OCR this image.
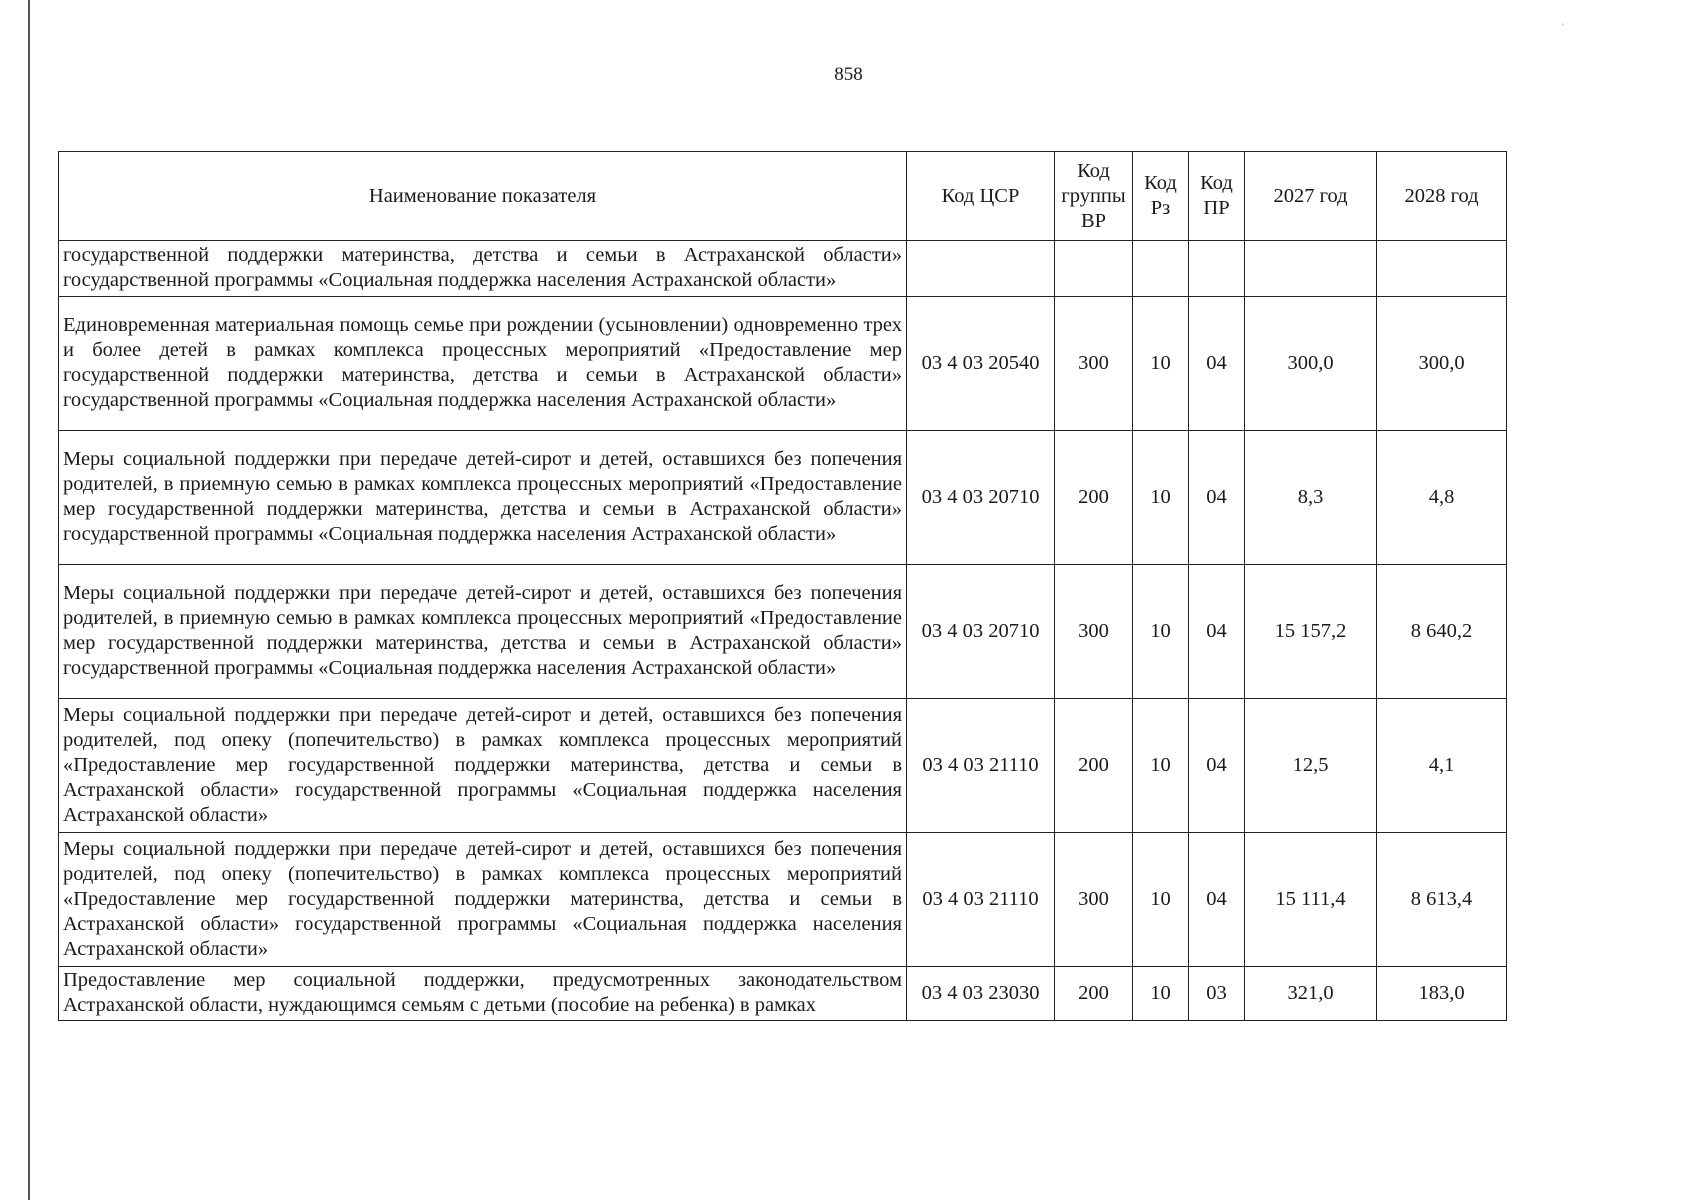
'
858
Наименование показателя	Код ЦСР	Код группы ВР	Код Рз	Код ПР	2027 год	2028 год
государственной поддержки материнства, детства и семьи в Астраханской области» государственной программы «Социальная поддержка населения Астраханской области»						
Единовременная материальная помощь семье при рождении (усыновлении) одновременно трех и более детей в рамках комплекса процессных мероприятий «Предоставление мер государственной поддержки материнства, детства и семьи в Астраханской области» государственной программы «Социальная поддержка населения Астраханской области»	03 4 03 20540	300	10	04	300,0	300,0
Меры социальной поддержки при передаче детей-сирот и детей, оставшихся без попечения родителей, в приемную семью в рамках комплекса процессных мероприятий «Предоставление мер государственной поддержки материнства, детства и семьи в Астраханской области» государственной программы «Социальная поддержка населения Астраханской области»	03 4 03 20710	200	10	04	8,3	4,8
Меры социальной поддержки при передаче детей-сирот и детей, оставшихся без попечения родителей, в приемную семью в рамках комплекса процессных мероприятий «Предоставление мер государственной поддержки материнства, детства и семьи в Астраханской области» государственной программы «Социальная поддержка населения Астраханской области»	03 4 03 20710	300	10	04	15 157,2	8 640,2
Меры социальной поддержки при передаче детей-сирот и детей, оставшихся без попечения родителей, под опеку (попечительство) в рамках комплекса процессных мероприятий «Предоставление мер государственной поддержки материнства, детства и семьи в Астраханской области» государственной программы «Социальная поддержка населения Астраханской области»	03 4 03 21110	200	10	04	12,5	4,1
Меры социальной поддержки при передаче детей-сирот и детей, оставшихся без попечения родителей, под опеку (попечительство) в рамках комплекса процессных мероприятий «Предоставление мер государственной поддержки материнства, детства и семьи в Астраханской области» государственной программы «Социальная поддержка населения Астраханской области»	03 4 03 21110	300	10	04	15 111,4	8 613,4
Предоставление мер социальной поддержки, предусмотренных законодательством Астраханской области, нуждающимся семьям с детьми (пособие на ребенка) в рамках	03 4 03 23030	200	10	03	321,0	183,0
